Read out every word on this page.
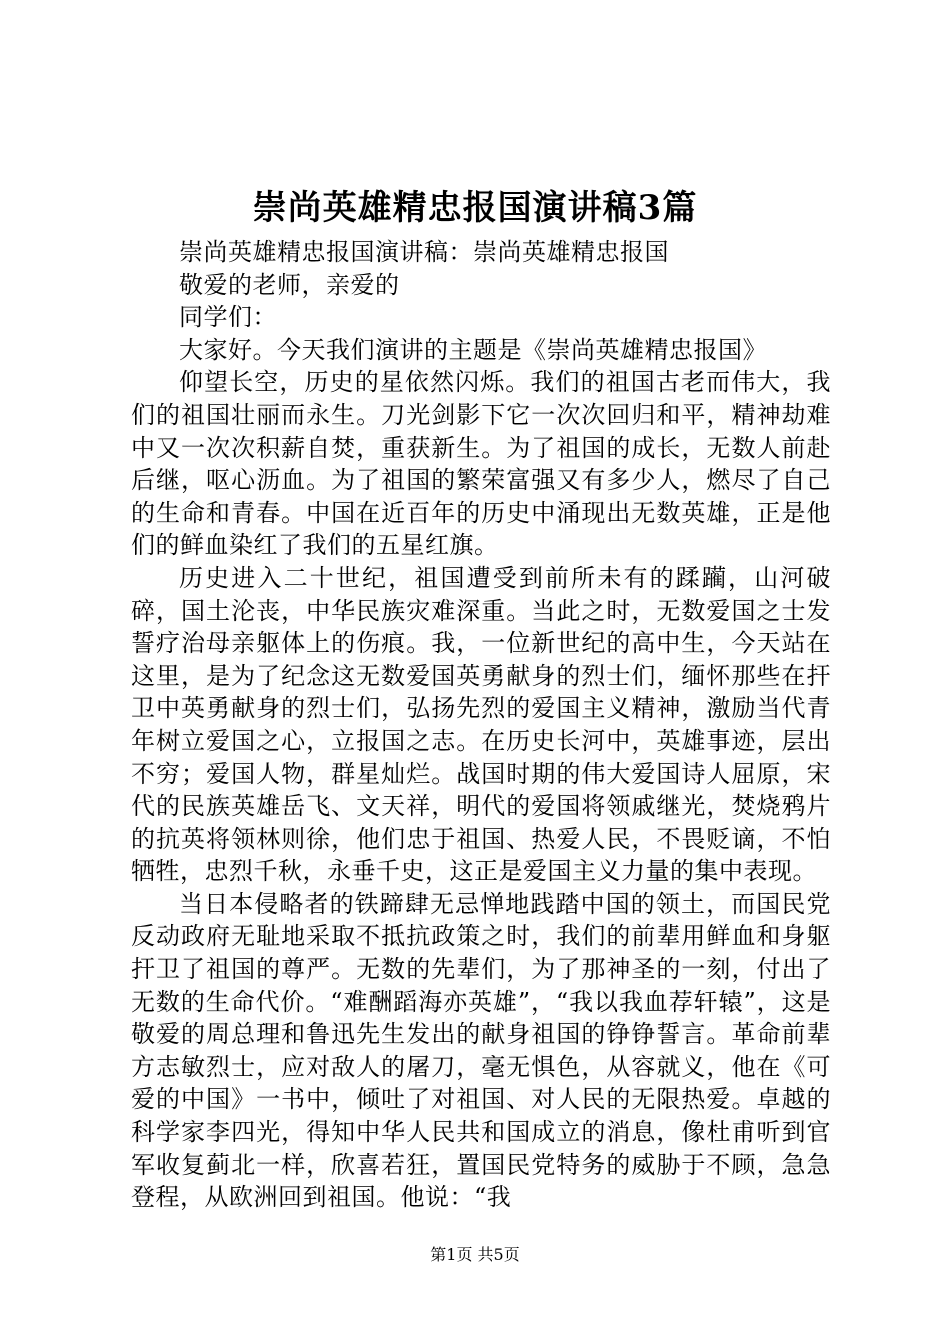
崇尚英雄精忠报国演讲稿3篇

崇尚英雄精忠报国演讲稿：崇尚英雄精忠报国

敬爱的老师，亲爱的

同学们：

大家好。今天我们演讲的主题是《崇尚英雄精忠报国》

仰望长空，历史的星依然闪烁。我们的祖国古老而伟大，我们的祖国壮丽而永生。刀光剑影下它一次次回归和平，精神劫难中又一次次积薪自焚，重获新生。为了祖国的成长，无数人前赴后继，呕心沥血。为了祖国的繁荣富强又有多少人，燃尽了自己的生命和青春。中国在近百年的历史中涌现出无数英雄，正是他们的鲜血染红了我们的五星红旗。

历史进入二十世纪，祖国遭受到前所未有的蹂躏，山河破碎，国土沦丧，中华民族灾难深重。当此之时，无数爱国之士发誓疗治母亲躯体上的伤痕。我，一位新世纪的高中生，今天站在这里，是为了纪念这无数爱国英勇献身的烈士们，缅怀那些在扞卫中英勇献身的烈士们，弘扬先烈的爱国主义精神，激励当代青年树立爱国之心，立报国之志。在历史长河中，英雄事迹，层出不穷；爱国人物，群星灿烂。战国时期的伟大爱国诗人屈原，宋代的民族英雄岳飞、文天祥，明代的爱国将领戚继光，焚烧鸦片的抗英将领林则徐，他们忠于祖国、热爱人民，不畏贬谪，不怕牺牲，忠烈千秋，永垂千史，这正是爱国主义力量的集中表现。

当日本侵略者的铁蹄肆无忌惮地践踏中国的领土，而国民党反动政府无耻地采取不抵抗政策之时，我们的前辈用鲜血和身躯扞卫了祖国的尊严。无数的先辈们，为了那神圣的一刻，付出了无数的生命代价。“难酬蹈海亦英雄”，“我以我血荐轩辕”，这是敬爱的周总理和鲁迅先生发出的献身祖国的铮铮誓言。革命前辈方志敏烈士，应对敌人的屠刀，毫无惧色，从容就义，他在《可爱的中国》一书中，倾吐了对祖国、对人民的无限热爱。卓越的科学家李四光，得知中华人民共和国成立的消息，像杜甫听到官军收复蓟北一样，欣喜若狂，置国民党特务的威胁于不顾，急急登程，从欧洲回到祖国。他说：“我

第1页 共5页
